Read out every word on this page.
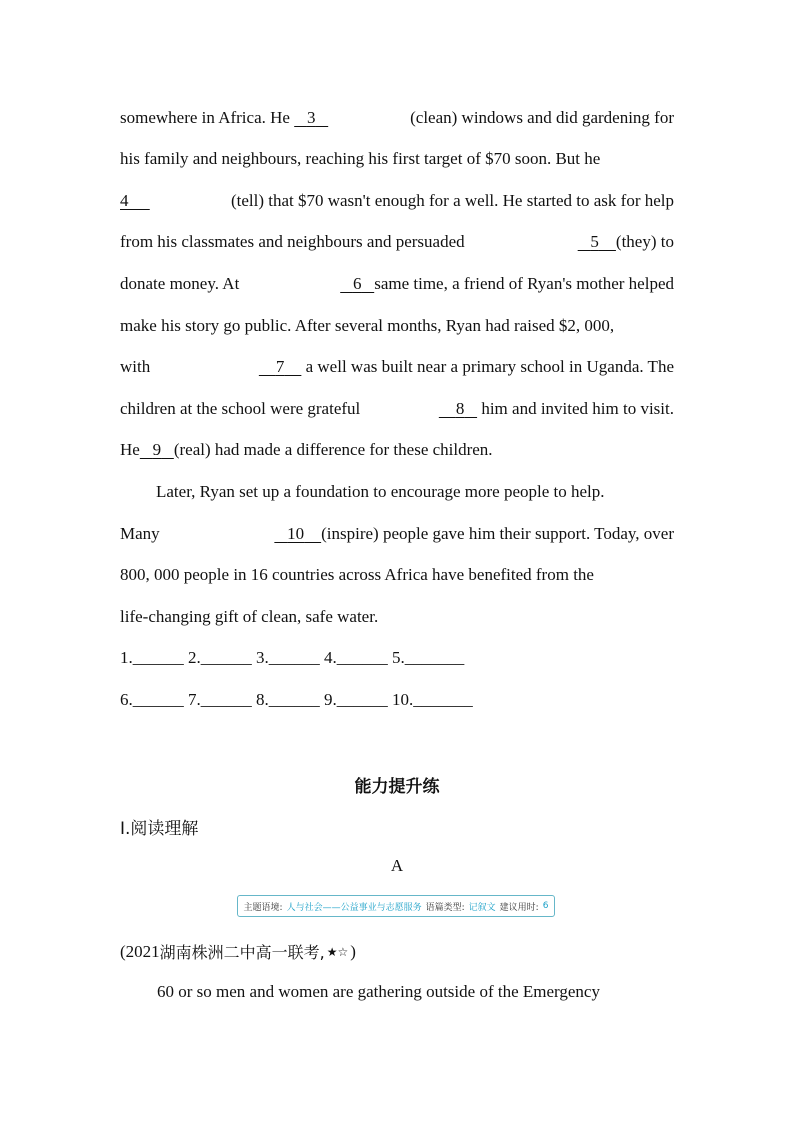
somewhere in Africa. He    3	(clean) windows and did gardening for
his family and neighbours, reaching his first target of $70 soon. But he
4	(tell) that $70 wasn't enough for a well. He started to ask for help
from his classmates and neighbours and persuaded	5 (they) to
donate money. At	6 same time, a friend of Ryan's mother helped
make his story go public. After several months, Ryan had raised $2, 000,
with	7     a well was built near a primary school in Uganda. The
children at the school were grateful	8    him and invited him to visit.
He 9 (real) had made a difference for these children.
Later, Ryan set up a foundation to encourage more people to help.
Many	10 (inspire) people gave him their support. Today, over
800, 000 people in 16 countries across Africa have benefited from the
life-changing gift of clean, safe water.
1.______ 2.______ 3.______ 4.______ 5._______
6.______ 7.______ 8.______ 9.______ 10._______
能力提升练
Ⅰ.阅读理解
A
主题语境: 人与社会——公益事业与志愿服务 语篇类型: 记叙文 建议用时: 6
(2021 湖南株洲二中高一联考, ★☆ )
60 or so men and women are gathering outside of the Emergency
